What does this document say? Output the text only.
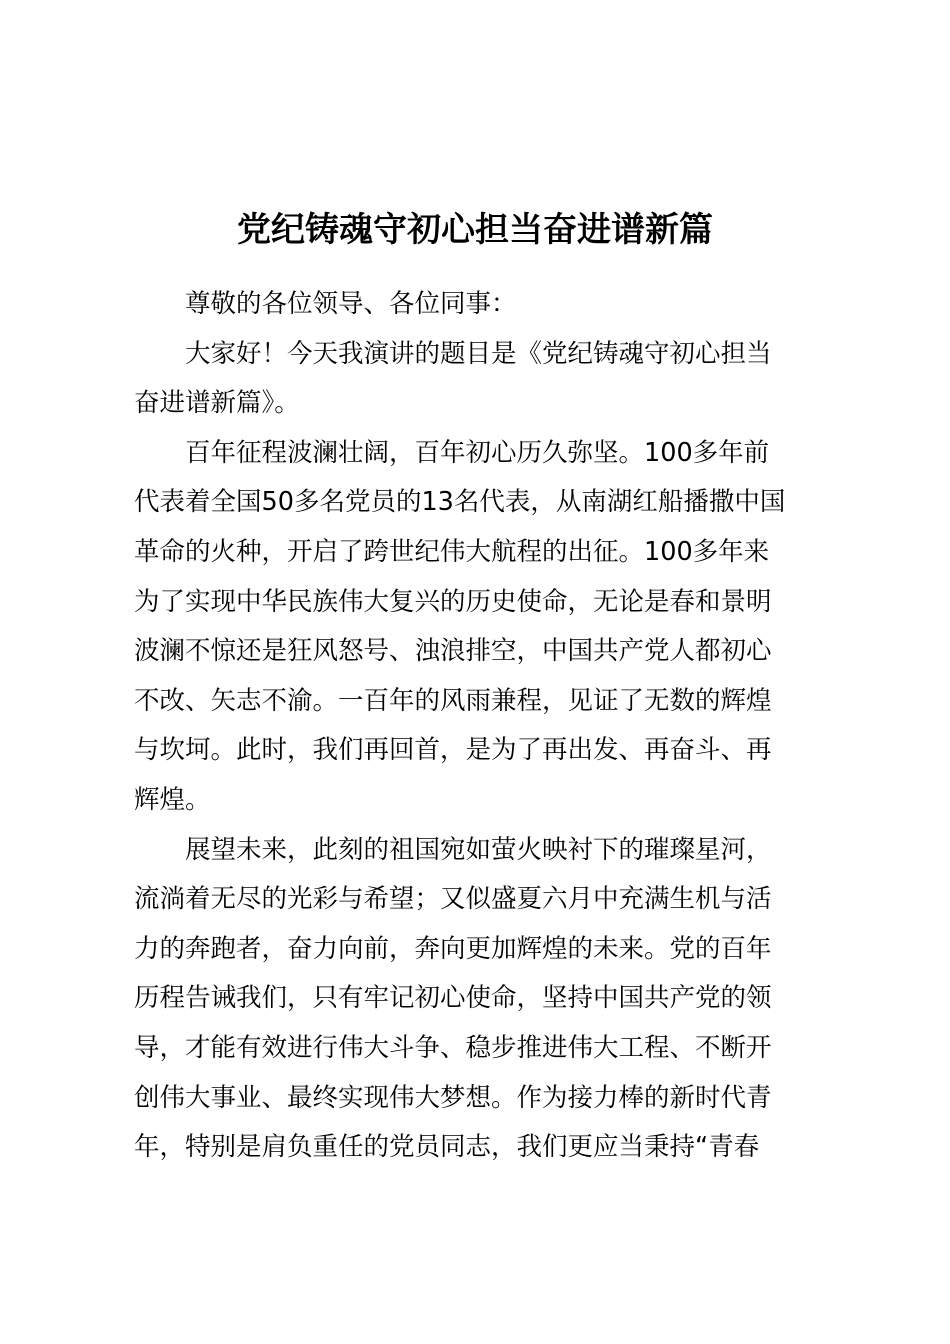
党纪铸魂守初心担当奋进谱新篇
尊敬的各位领导、各位同事：
大家好！今天我演讲的题目是《党纪铸魂守初心担当
奋进谱新篇》。
百年征程波澜壮阔，百年初心历久弥坚。100多年前
代表着全国50多名党员的13名代表，从南湖红船播撒中国
革命的火种，开启了跨世纪伟大航程的出征。100多年来
为了实现中华民族伟大复兴的历史使命，无论是春和景明
波澜不惊还是狂风怒号、浊浪排空，中国共产党人都初心
不改、矢志不渝。一百年的风雨兼程，见证了无数的辉煌
与坎坷。此时，我们再回首，是为了再出发、再奋斗、再
辉煌。
展望未来，此刻的祖国宛如萤火映衬下的璀璨星河，
流淌着无尽的光彩与希望；又似盛夏六月中充满生机与活
力的奔跑者，奋力向前，奔向更加辉煌的未来。党的百年
历程告诫我们，只有牢记初心使命，坚持中国共产党的领
导，才能有效进行伟大斗争、稳步推进伟大工程、不断开
创伟大事业、最终实现伟大梦想。作为接力棒的新时代青
年，特别是肩负重任的党员同志，我们更应当秉持“青春
